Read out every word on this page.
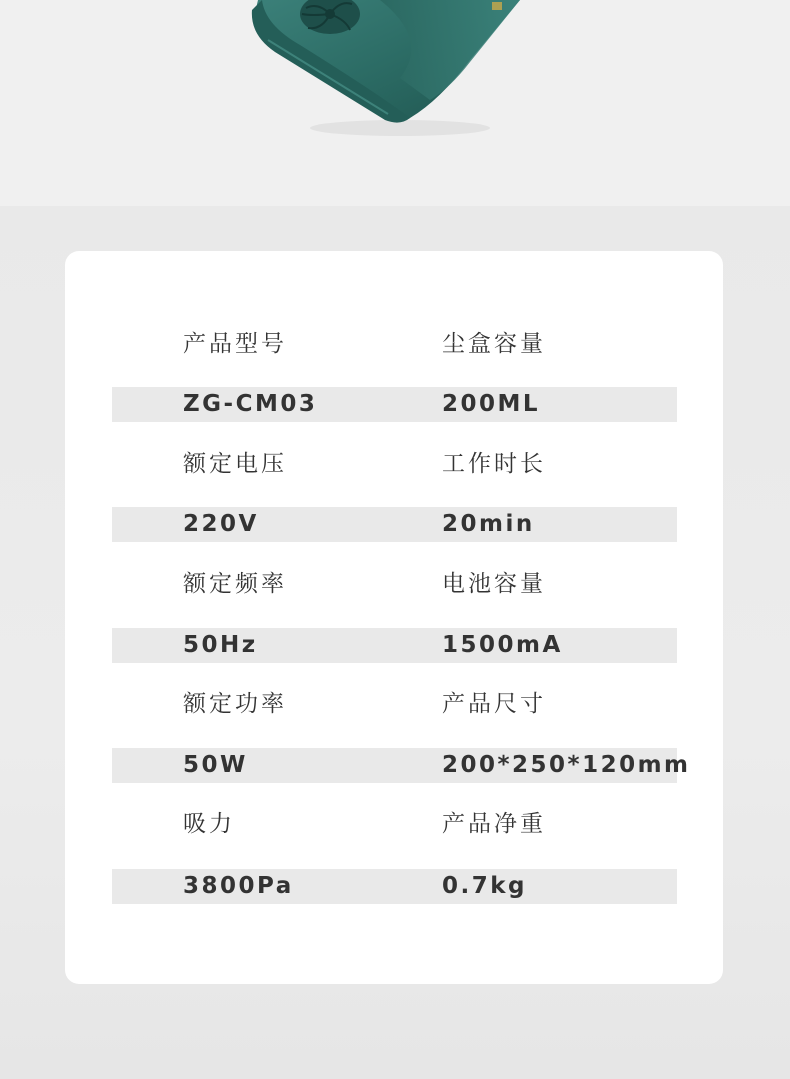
产品型号	尘盒容量
ZG-CM03	200ML
额定电压	工作时长
220V	20min
额定频率	电池容量
50Hz	1500mA
额定功率	产品尺寸
50W	200*250*120mm
吸力	产品净重
3800Pa	0.7kg
